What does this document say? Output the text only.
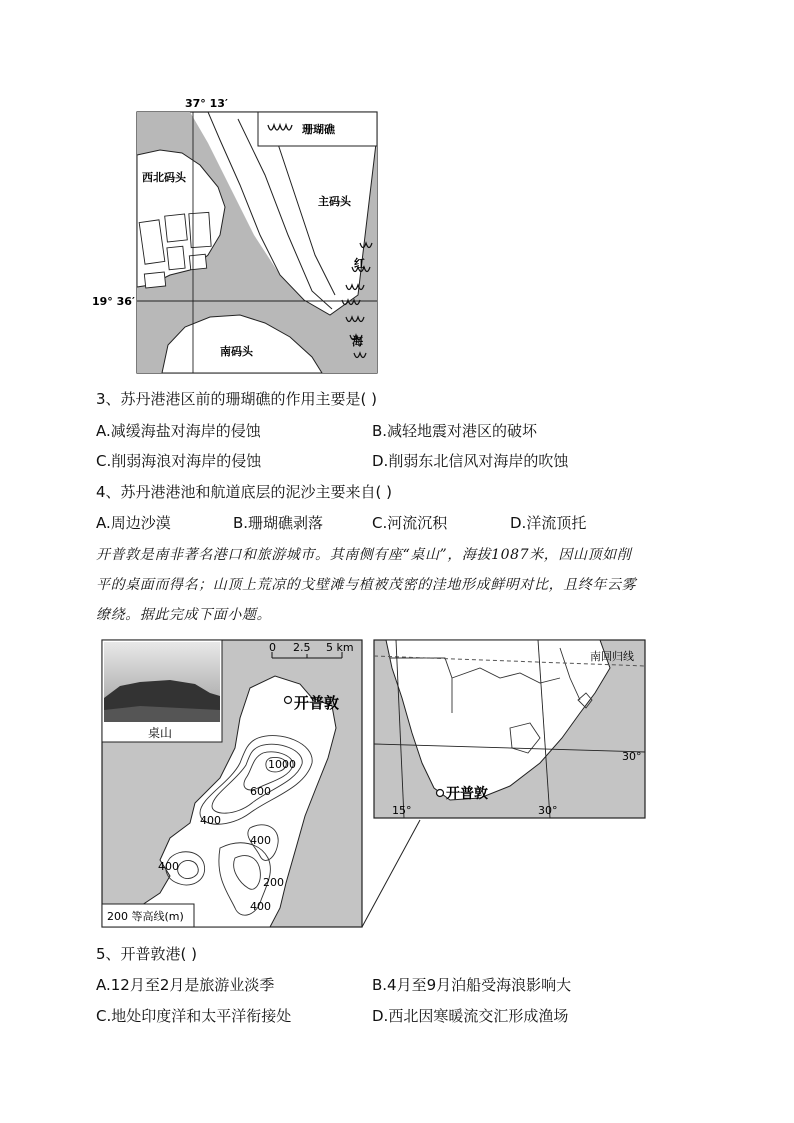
37° 13′
19° 36′
珊瑚礁
西北码头
主码头
南码头
红
海
3、苏丹港港区前的珊瑚礁的作用主要是( )
A.减缓海盐对海岸的侵蚀	B.减轻地震对港区的破坏
C.削弱海浪对海岸的侵蚀	D.削弱东北信风对海岸的吹蚀
4、苏丹港港池和航道底层的泥沙主要来自( )
A.周边沙漠	B.珊瑚礁剥落	C.河流沉积	D.洋流顶托
开普敦是南非著名港口和旅游城市。其南侧有座“桌山”，海拔1087米，因山顶如削
平的桌面而得名；山顶上荒凉的戈壁滩与植被茂密的洼地形成鲜明对比，且终年云雾
缭绕。据此完成下面小题。
桌山
0 2.5 5 km
开普敦
1000
600
400
400
400
400
200
200 等高线(m)
开普敦
南回归线
30°
15°	30°
5、开普敦港( )
A.12月至2月是旅游业淡季	B.4月至9月泊船受海浪影响大
C.地处印度洋和太平洋衔接处	D.西北因寒暖流交汇形成渔场
